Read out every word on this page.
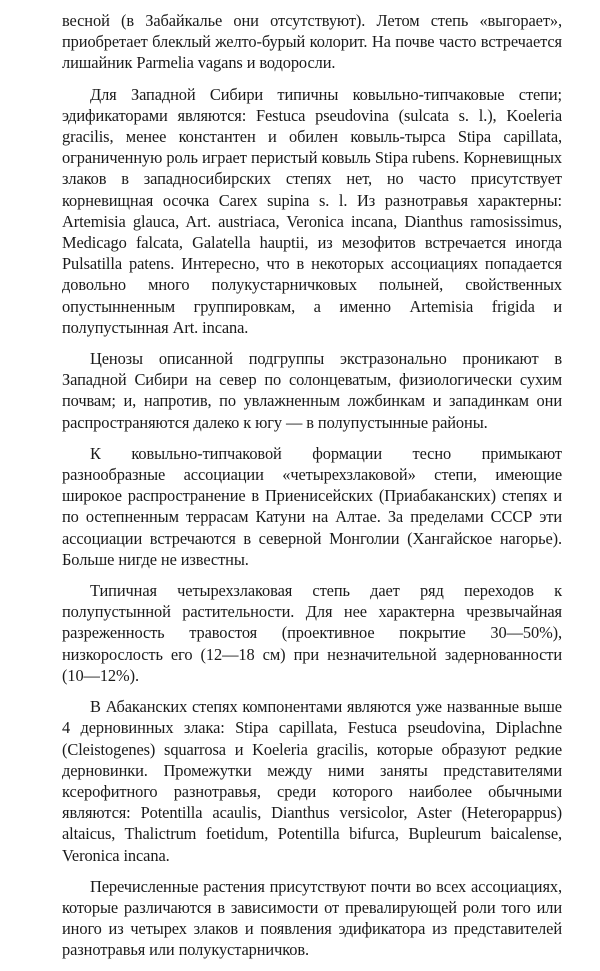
весной (в Забайкалье они отсутствуют). Летом степь «выгорает», приобретает блеклый желто-бурый колорит. На почве часто встречается лишайник Parmelia vagans и водоросли.

Для Западной Сибири типичны ковыльно-типчаковые степи; эдификаторами являются: Festuca pseudovina (sulcata s. l.), Koeleria gracilis, менее константен и обилен ковыль-тырса Stipa capillata, ограниченную роль играет перистый ковыль Stipa rubens. Корневищных злаков в западносибирских степях нет, но часто присутствует корневищная осочка Carex supina s. l. Из разнотравья характерны: Artemisia glauca, Art. austriaca, Veronica incana, Dianthus ramosissimus, Medicago falcata, Galatella hauptii, из мезофитов встречается иногда Pulsatilla patens. Интересно, что в некоторых ассоциациях попадается довольно много полукустарничковых полыней, свойственных опустынненным группировкам, а именно Artemisia frigida и полупустынная Art. incana.

Ценозы описанной подгруппы экстразонально проникают в Западной Сибири на север по солонцеватым, физиологически сухим почвам; и, напротив, по увлажненным ложбинкам и западинкам они распространяются далеко к югу — в полупустынные районы.

К ковыльно-типчаковой формации тесно примыкают разнообразные ассоциации «четырехзлаковой» степи, имеющие широкое распространение в Приенисейских (Приабаканских) степях и по остепненным террасам Катуни на Алтае. За пределами СССР эти ассоциации встречаются в северной Монголии (Хангайское нагорье). Больше нигде не известны.

Типичная четырехзлаковая степь дает ряд переходов к полупустынной растительности. Для нее характерна чрезвычайная разреженность травостоя (проективное покрытие 30—50%), низкорослость его (12—18 см) при незначительной задернованности (10—12%).

В Абаканских степях компонентами являются уже названные выше 4 дерновинных злака: Stipa capillata, Festuca pseudovina, Diplachne (Cleistogenes) squarrosa и Koeleria gracilis, которые образуют редкие дерновинки. Промежутки между ними заняты представителями ксерофитного разнотравья, среди которого наиболее обычными являются: Potentilla acaulis, Dianthus versicolor, Aster (Heteropappus) altaicus, Thalictrum foetidum, Potentilla bifurca, Bupleurum baicalense, Veronica incana.

Перечисленные растения присутствуют почти во всех ассоциациях, которые различаются в зависимости от превалирующей роли того или иного из четырех злаков и появления эдификатора из представителей разнотравья или полукустарничков.
